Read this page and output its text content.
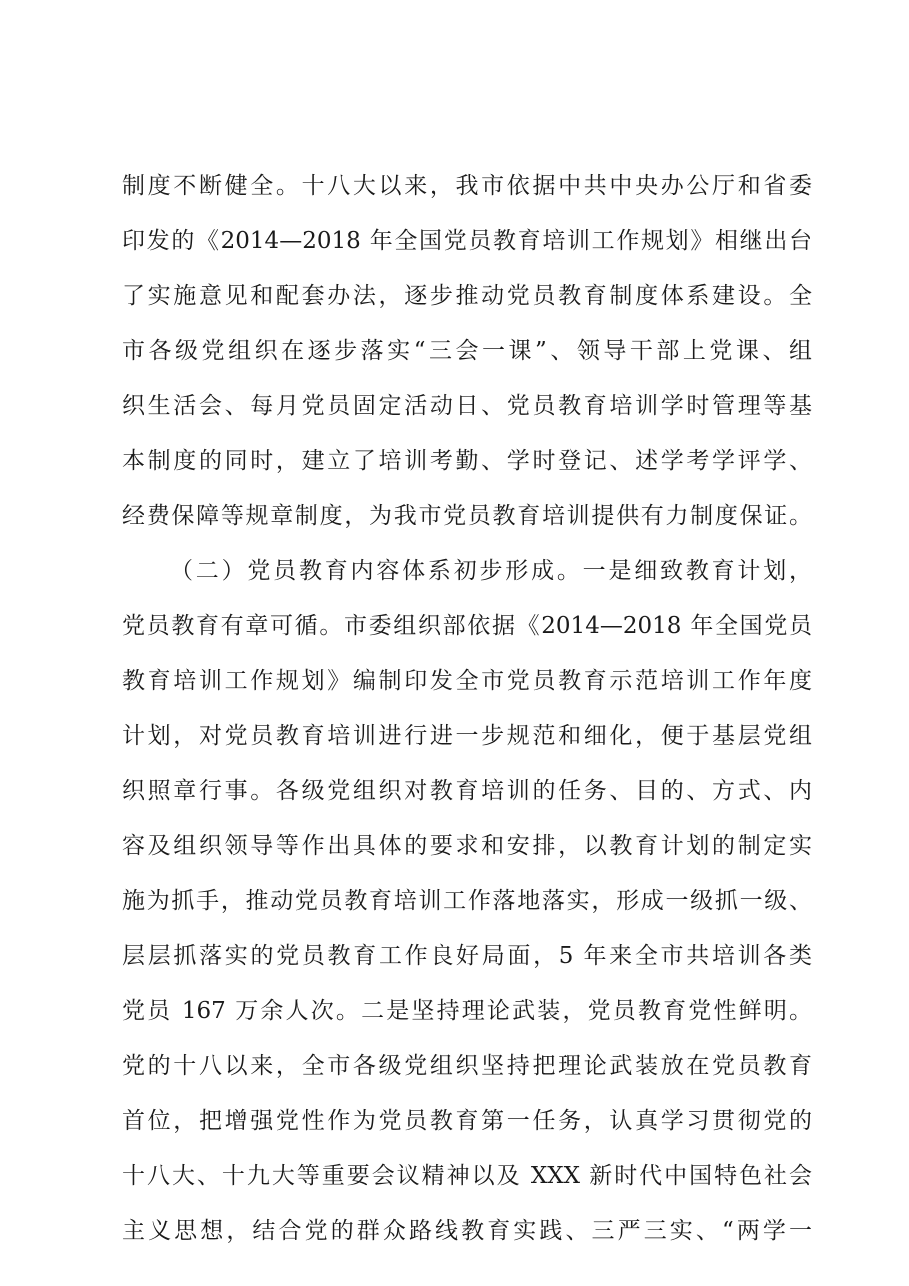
制度不断健全。十八大以来，我市依据中共中央办公厅和省委
印发的《2014—2018 年全国党员教育培训工作规划》相继出台
了实施意见和配套办法，逐步推动党员教育制度体系建设。全
市各级党组织在逐步落实“三会一课”、领导干部上党课、组
织生活会、每月党员固定活动日、党员教育培训学时管理等基
本制度的同时，建立了培训考勤、学时登记、述学考学评学、
经费保障等规章制度，为我市党员教育培训提供有力制度保证。
（二）党员教育内容体系初步形成。一是细致教育计划，
党员教育有章可循。市委组织部依据《2014—2018 年全国党员
教育培训工作规划》编制印发全市党员教育示范培训工作年度
计划，对党员教育培训进行进一步规范和细化，便于基层党组
织照章行事。各级党组织对教育培训的任务、目的、方式、内
容及组织领导等作出具体的要求和安排，以教育计划的制定实
施为抓手，推动党员教育培训工作落地落实，形成一级抓一级、
层层抓落实的党员教育工作良好局面，5 年来全市共培训各类
党员 167 万余人次。二是坚持理论武装，党员教育党性鲜明。
党的十八以来，全市各级党组织坚持把理论武装放在党员教育
首位，把增强党性作为党员教育第一任务，认真学习贯彻党的
十八大、十九大等重要会议精神以及 XXX 新时代中国特色社会
主义思想，结合党的群众路线教育实践、三严三实、“两学一
